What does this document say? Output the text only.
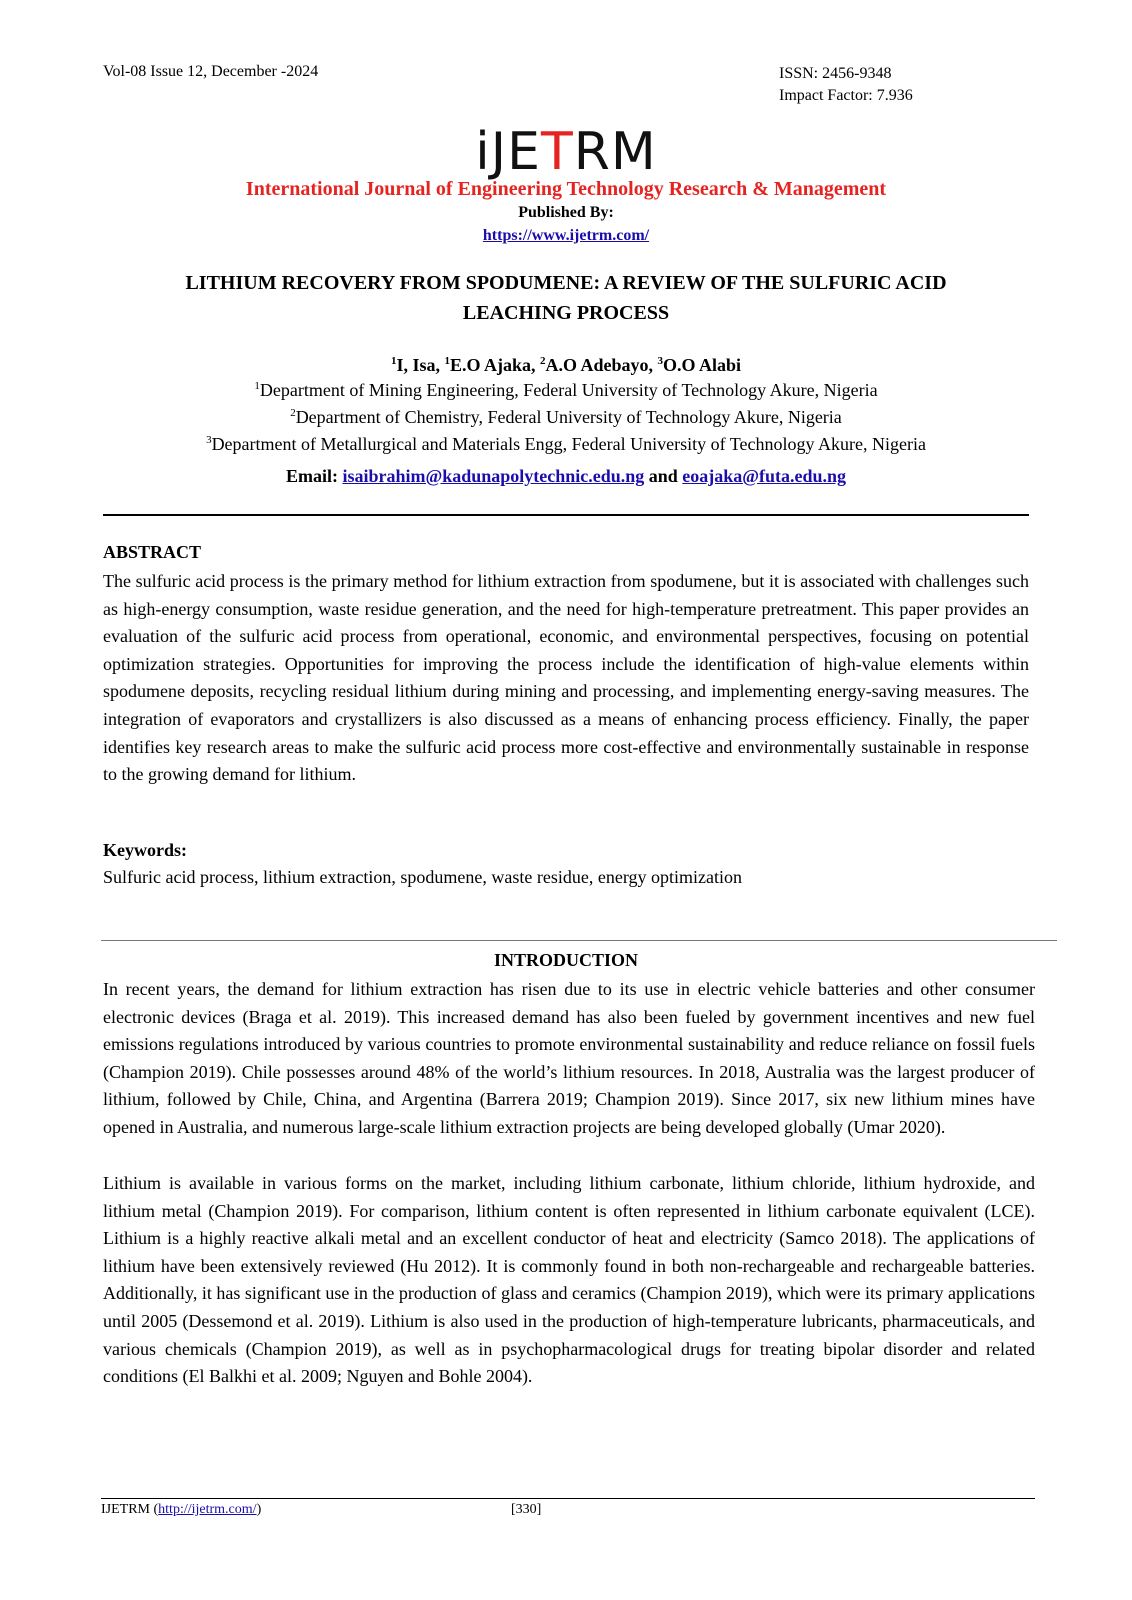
Vol-08 Issue 12, December -2024	ISSN: 2456-9348
Impact Factor: 7.936
iJETRM
International Journal of Engineering Technology Research & Management
Published By:
https://www.ijetrm.com/
LITHIUM RECOVERY FROM SPODUMENE: A REVIEW OF THE SULFURIC ACID
LEACHING PROCESS
$^1$I, Isa, $^1$E.O Ajaka, $^2$A.O Adebayo, $^3$O.O Alabi
$^1$Department of Mining Engineering, Federal University of Technology Akure, Nigeria
$^2$Department of Chemistry, Federal University of Technology Akure, Nigeria
$^3$Department of Metallurgical and Materials Engg, Federal University of Technology Akure, Nigeria
Email: isaibrahim@kadunapolytechnic.edu.ng and eoajaka@futa.edu.ng
ABSTRACT
The sulfuric acid process is the primary method for lithium extraction from spodumene, but it is associated with challenges such as high-energy consumption, waste residue generation, and the need for high-temperature pretreatment. This paper provides an evaluation of the sulfuric acid process from operational, economic, and environmental perspectives, focusing on potential optimization strategies. Opportunities for improving the process include the identification of high-value elements within spodumene deposits, recycling residual lithium during mining and processing, and implementing energy-saving measures. The integration of evaporators and crystallizers is also discussed as a means of enhancing process efficiency. Finally, the paper identifies key research areas to make the sulfuric acid process more cost-effective and environmentally sustainable in response to the growing demand for lithium.
Keywords:
Sulfuric acid process, lithium extraction, spodumene, waste residue, energy optimization
INTRODUCTION
In recent years, the demand for lithium extraction has risen due to its use in electric vehicle batteries and other consumer electronic devices (Braga et al. 2019). This increased demand has also been fueled by government incentives and new fuel emissions regulations introduced by various countries to promote environmental sustainability and reduce reliance on fossil fuels (Champion 2019). Chile possesses around 48% of the world’s lithium resources. In 2018, Australia was the largest producer of lithium, followed by Chile, China, and Argentina (Barrera 2019; Champion 2019). Since 2017, six new lithium mines have opened in Australia, and numerous large-scale lithium extraction projects are being developed globally (Umar 2020).
Lithium is available in various forms on the market, including lithium carbonate, lithium chloride, lithium hydroxide, and lithium metal (Champion 2019). For comparison, lithium content is often represented in lithium carbonate equivalent (LCE). Lithium is a highly reactive alkali metal and an excellent conductor of heat and electricity (Samco 2018). The applications of lithium have been extensively reviewed (Hu 2012). It is commonly found in both non-rechargeable and rechargeable batteries. Additionally, it has significant use in the production of glass and ceramics (Champion 2019), which were its primary applications until 2005 (Dessemond et al. 2019). Lithium is also used in the production of high-temperature lubricants, pharmaceuticals, and various chemicals (Champion 2019), as well as in psychopharmacological drugs for treating bipolar disorder and related conditions (El Balkhi et al. 2009; Nguyen and Bohle 2004).
IJETRM (http://ijetrm.com/)	[330]
